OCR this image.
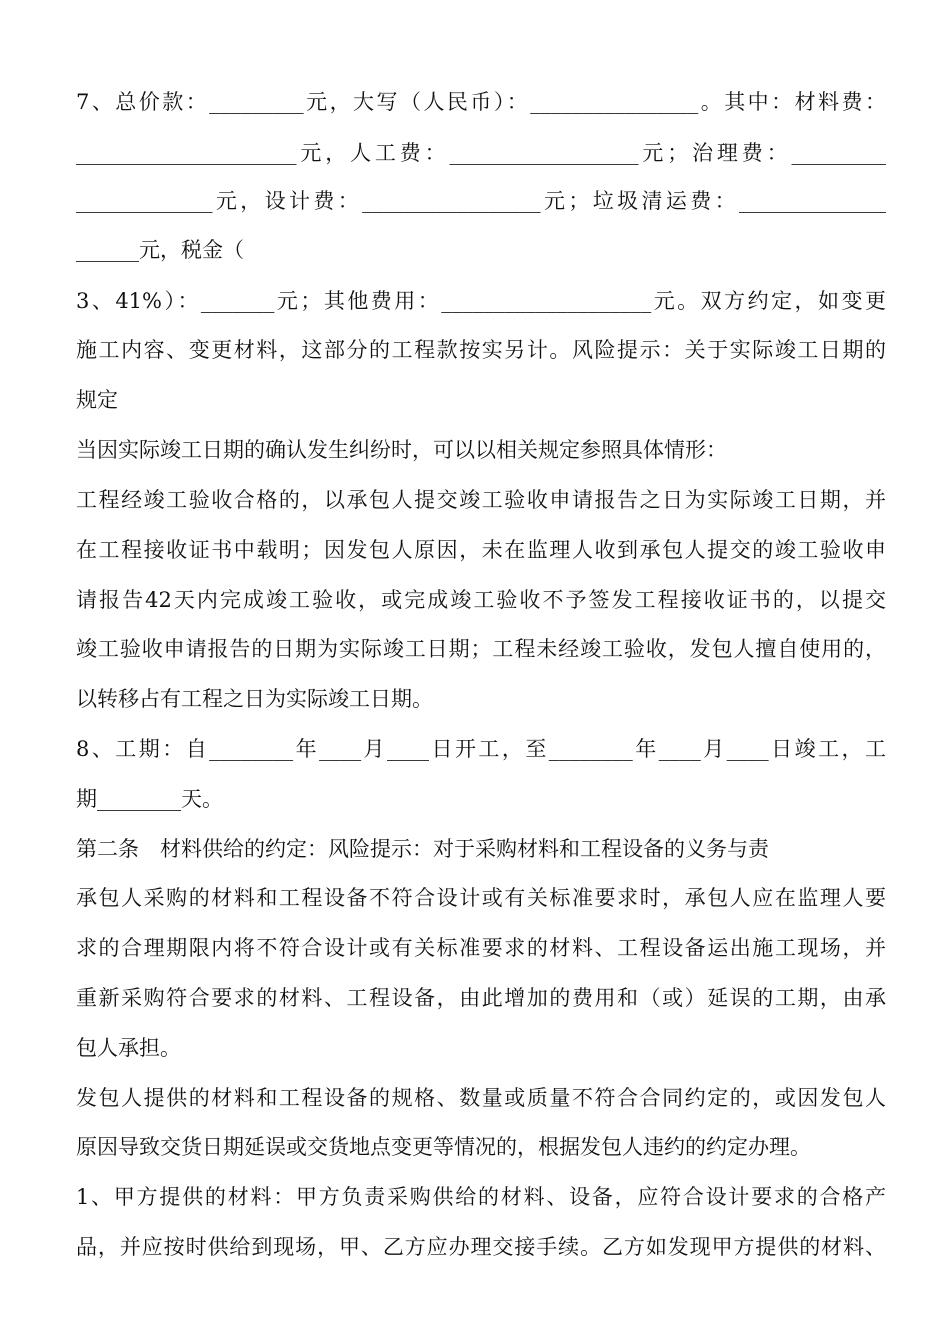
7、总价款：_________元，大写（人民币）：________________。其中：材料费：
_____________________元，人工费：__________________元；治理费：_________
_____________元，设计费：_________________元；垃圾清运费：______________
______元，税金（
3、41%）：_______元；其他费用：____________________元。双方约定，如变更
施工内容、变更材料，这部分的工程款按实另计。风险提示：关于实际竣工日期的
规定
当因实际竣工日期的确认发生纠纷时，可以以相关规定参照具体情形：
工程经竣工验收合格的，以承包人提交竣工验收申请报告之日为实际竣工日期，并
在工程接收证书中载明；因发包人原因，未在监理人收到承包人提交的竣工验收申
请报告42天内完成竣工验收，或完成竣工验收不予签发工程接收证书的，以提交
竣工验收申请报告的日期为实际竣工日期；工程未经竣工验收，发包人擅自使用的，
以转移占有工程之日为实际竣工日期。
8、工期：自________年____月____日开工，至________年____月____日竣工，工
期________天。
第二条　材料供给的约定：风险提示：对于采购材料和工程设备的义务与责
承包人采购的材料和工程设备不符合设计或有关标准要求时，承包人应在监理人要
求的合理期限内将不符合设计或有关标准要求的材料、工程设备运出施工现场，并
重新采购符合要求的材料、工程设备，由此增加的费用和（或）延误的工期，由承
包人承担。
发包人提供的材料和工程设备的规格、数量或质量不符合合同约定的，或因发包人
原因导致交货日期延误或交货地点变更等情况的，根据发包人违约的约定办理。
1、甲方提供的材料：甲方负责采购供给的材料、设备，应符合设计要求的合格产
品，并应按时供给到现场，甲、乙方应办理交接手续。乙方如发现甲方提供的材料、
